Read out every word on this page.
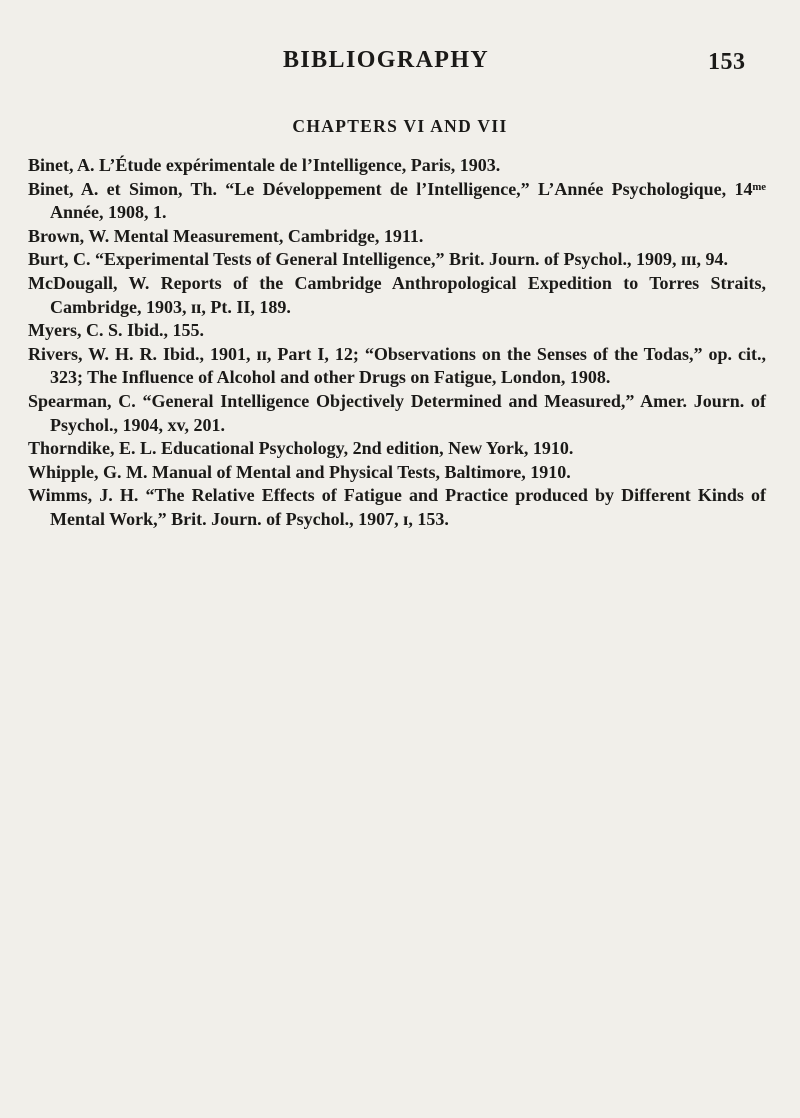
BIBLIOGRAPHY	153
CHAPTERS VI AND VII
Binet, A. L’Étude expérimentale de l’Intelligence, Paris, 1903.
Binet, A. et Simon, Th. “Le Développement de l’Intelligence,” L’Année Psychologique, 14ᵐᵉ Année, 1908, 1.
Brown, W. Mental Measurement, Cambridge, 1911.
Burt, C. “Experimental Tests of General Intelligence,” Brit. Journ. of Psychol., 1909, ɪɪɪ, 94.
McDougall, W. Reports of the Cambridge Anthropological Expedition to Torres Straits, Cambridge, 1903, ɪɪ, Pt. II, 189.
Myers, C. S. Ibid., 155.
Rivers, W. H. R. Ibid., 1901, ɪɪ, Part I, 12; “Observations on the Senses of the Todas,” op. cit., 323; The Influence of Alcohol and other Drugs on Fatigue, London, 1908.
Spearman, C. “General Intelligence Objectively Determined and Measured,” Amer. Journ. of Psychol., 1904, xv, 201.
Thorndike, E. L. Educational Psychology, 2nd edition, New York, 1910.
Whipple, G. M. Manual of Mental and Physical Tests, Baltimore, 1910.
Wimms, J. H. “The Relative Effects of Fatigue and Practice produced by Different Kinds of Mental Work,” Brit. Journ. of Psychol., 1907, ɪ, 153.
